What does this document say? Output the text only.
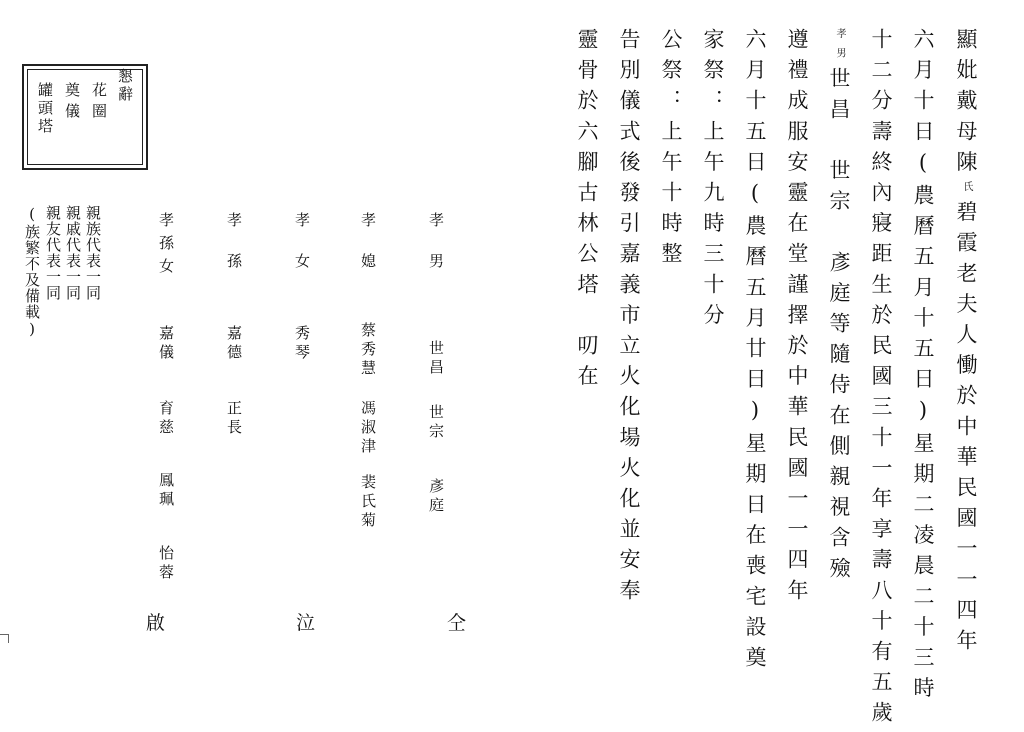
顯妣戴母陳氏碧霞老夫人慟於中華民國一一四年
六月十日(農曆五月十五日)星期二凌晨二十三時
十二分壽終內寢距生於民國三十一年享壽八十有五歲
孝男世昌　世宗　彥庭等隨侍在側親視含殮
遵禮成服安靈在堂謹擇於中華民國一一四年
六月十五日(農曆五月廿日)星期日在喪宅設奠
家祭：上午九時三十分
公祭：上午十時整
告別儀式後發引嘉義市立火化場火化並安奉
靈骨於六腳古林公塔　叨在
孝男
世昌
世宗
彥庭
孝媳
蔡秀慧
馮淑津
裴氏菊
孝女
秀琴
孝孫
嘉德
正長
孝孫女
嘉儀
育慈
鳳珮
怡蓉
親族代表一同
親戚代表一同
親友代表一同
(族繁不及備載)
懇辭
花圈
奠儀
罐頭塔
啟	泣	仝
